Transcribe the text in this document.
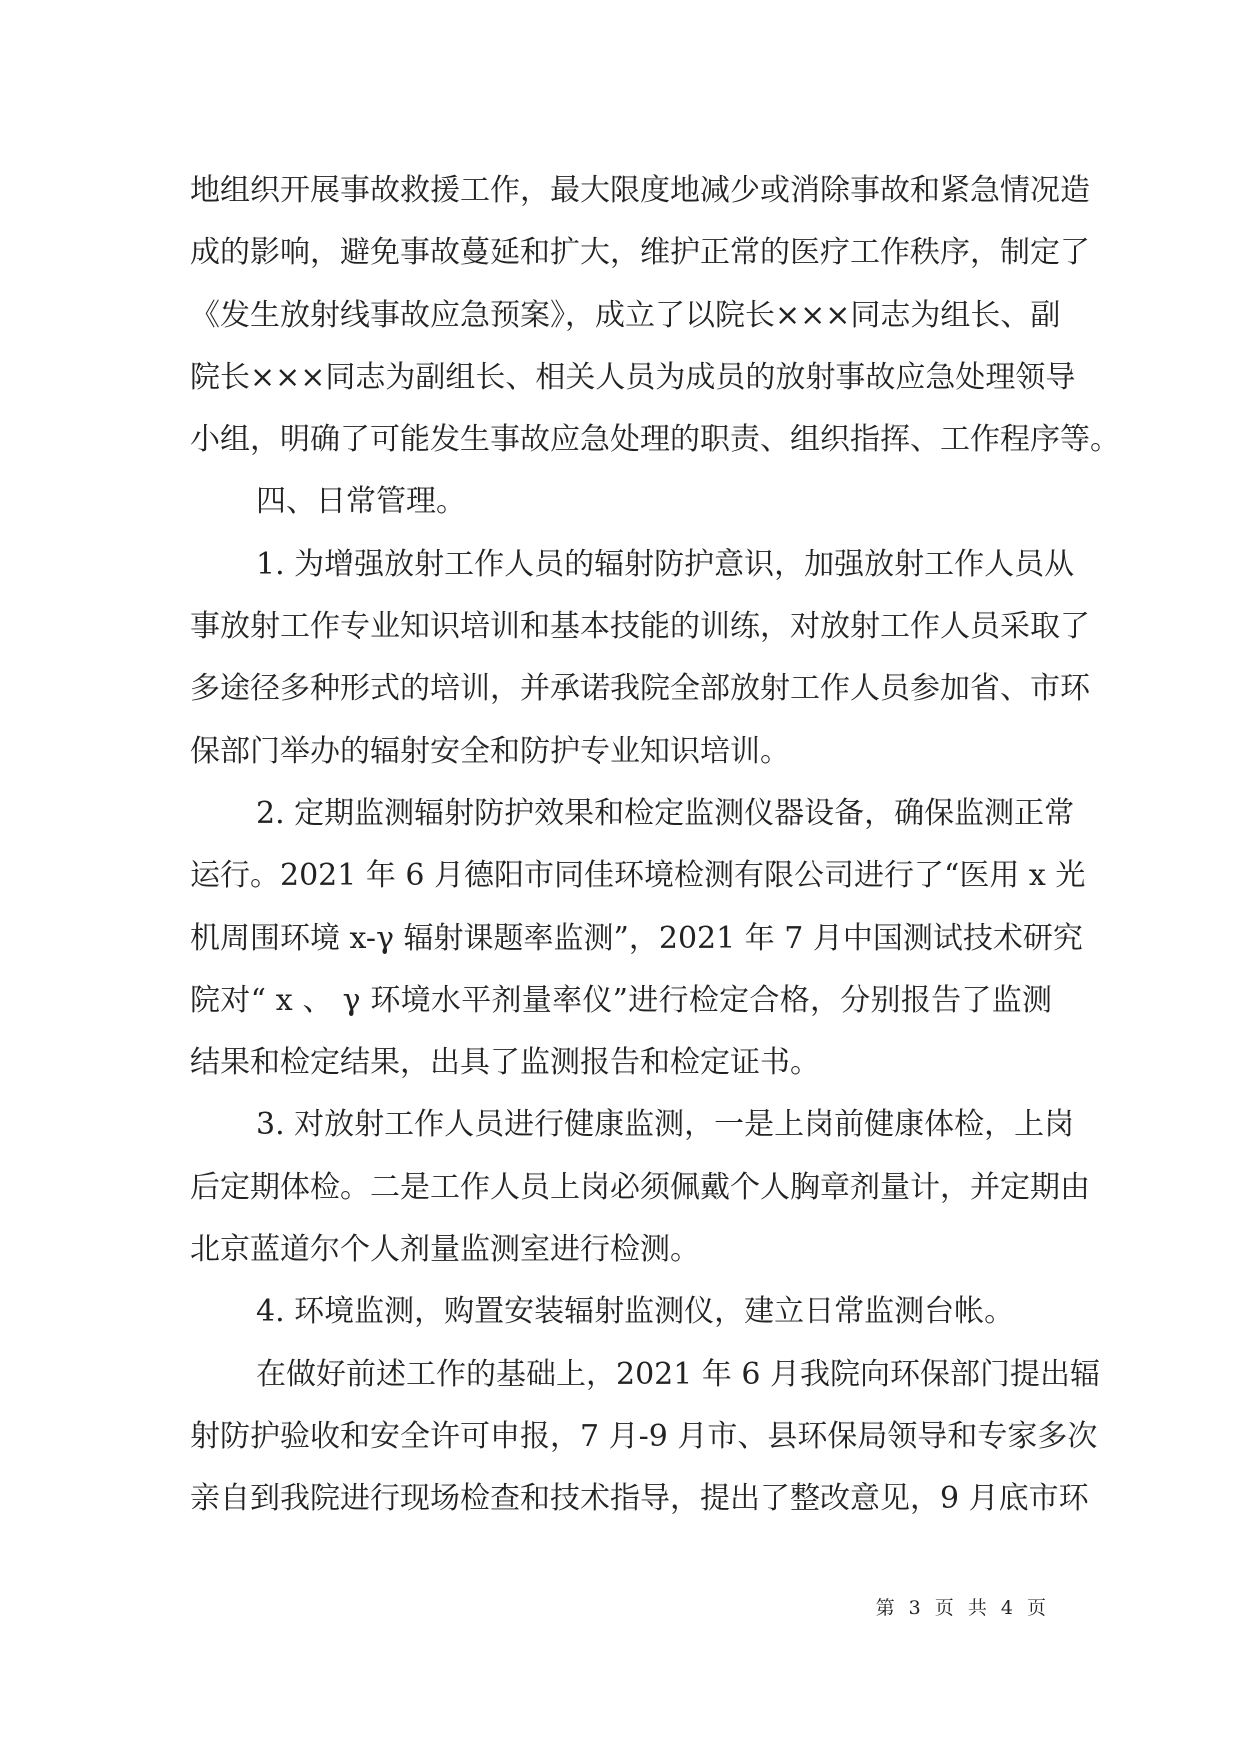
地组织开展事故救援工作，最大限度地减少或消除事故和紧急情况造
成的影响，避免事故蔓延和扩大，维护正常的医疗工作秩序，制定了
《发生放射线事故应急预案》，成立了以院长×××同志为组长、副
院长×××同志为副组长、相关人员为成员的放射事故应急处理领导
小组，明确了可能发生事故应急处理的职责、组织指挥、工作程序等。
四、日常管理。
1. 为增强放射工作人员的辐射防护意识，加强放射工作人员从
事放射工作专业知识培训和基本技能的训练，对放射工作人员采取了
多途径多种形式的培训，并承诺我院全部放射工作人员参加省、市环
保部门举办的辐射安全和防护专业知识培训。
2. 定期监测辐射防护效果和检定监测仪器设备，确保监测正常
运行。2021 年 6 月德阳市同佳环境检测有限公司进行了“医用 x 光
机周围环境 x-γ 辐射课题率监测”，2021 年 7 月中国测试技术研究
院对“ x 、 γ 环境水平剂量率仪”进行检定合格，分别报告了监测
结果和检定结果，出具了监测报告和检定证书。
3. 对放射工作人员进行健康监测，一是上岗前健康体检，上岗
后定期体检。二是工作人员上岗必须佩戴个人胸章剂量计，并定期由
北京蓝道尔个人剂量监测室进行检测。
4. 环境监测，购置安装辐射监测仪，建立日常监测台帐。
在做好前述工作的基础上，2021 年 6 月我院向环保部门提出辐
射防护验收和安全许可申报，7 月-9 月市、县环保局领导和专家多次
亲自到我院进行现场检查和技术指导，提出了整改意见，9 月底市环
第 3 页 共 4 页
